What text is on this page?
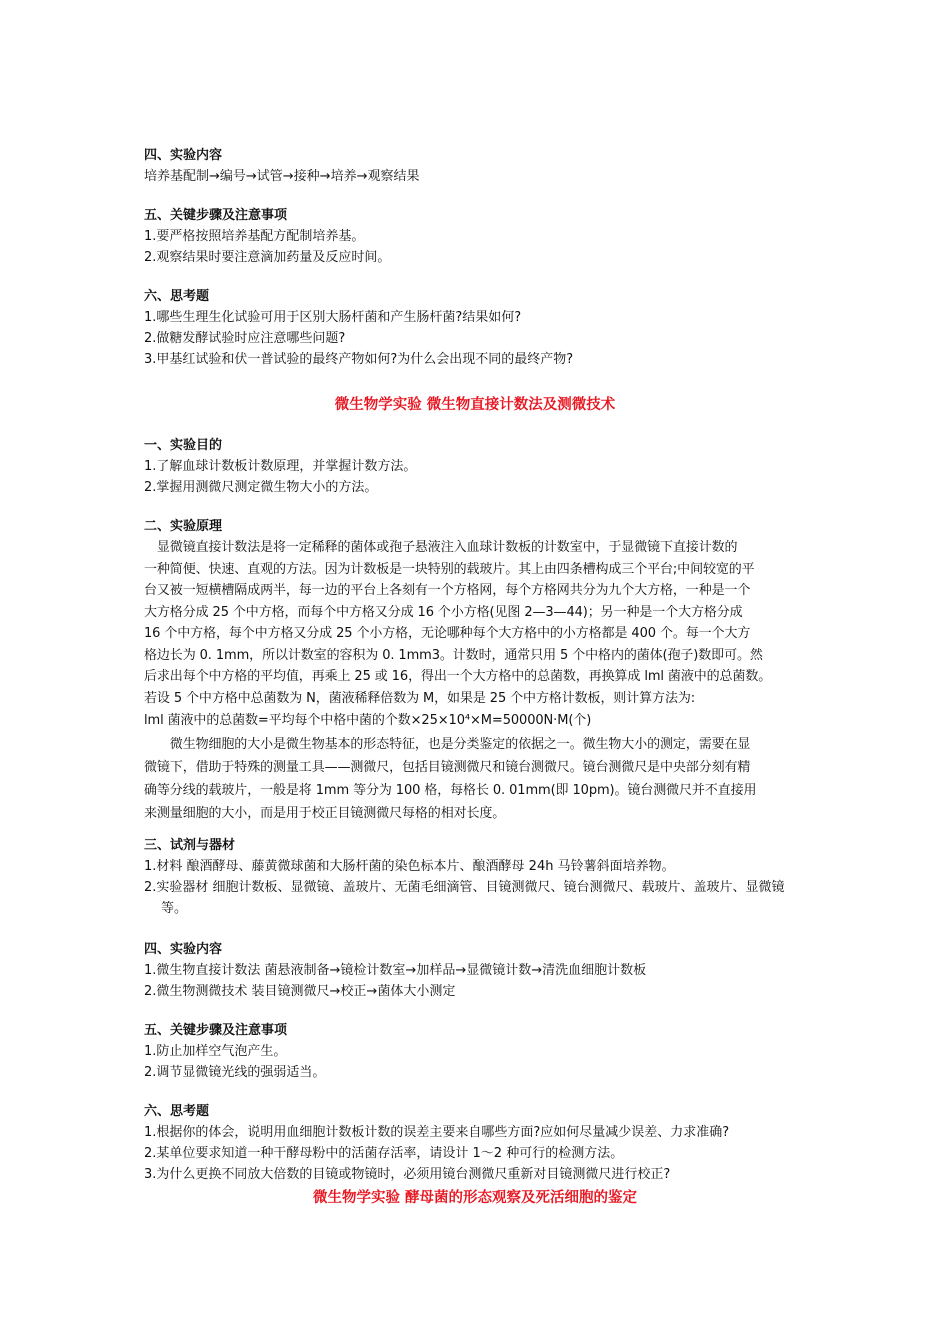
四、实验内容

培养基配制→编号→试管→接种→培养→观察结果

五、关键步骤及注意事项

1.要严格按照培养基配方配制培养基。

2.观察结果时要注意滴加药量及反应时间。

六、思考题

1.哪些生理生化试验可用于区别大肠杆菌和产生肠杆菌?结果如何?

2.做糖发酵试验时应注意哪些问题?

3.甲基红试验和伏一普试验的最终产物如何?为什么会出现不同的最终产物?

微生物学实验 微生物直接计数法及测微技术

一、实验目的

1.了解血球计数板计数原理，并掌握计数方法。

2.掌握用测微尺测定微生物大小的方法。

二、实验原理

　显微镜直接计数法是将一定稀释的菌体或孢子悬液注入血球计数板的计数室中，于显微镜下直接计数的

一种简便、快速、直观的方法。因为计数板是一块特别的载玻片。其上由四条槽构成三个平台;中间较宽的平

台又被一短横槽隔成两半，每一边的平台上各刻有一个方格网，每个方格网共分为九个大方格，一种是一个

大方格分成 25 个中方格，而每个中方格又分成 16 个小方格(见图 2—3—44)；另一种是一个大方格分成

16 个中方格，每个中方格又分成 25 个小方格，无论哪种每个大方格中的小方格都是 400 个。每一个大方

格边长为 0. 1mm，所以计数室的容积为 0. 1mm3。计数时，通常只用 5 个中格内的菌体(孢子)数即可。然

后求出每个中方格的平均值，再乘上 25 或 16，得出一个大方格中的总菌数，再换算成 lml 菌液中的总菌数。

若设 5 个中方格中总菌数为 N，菌液稀释倍数为 M，如果是 25 个中方格计数板，则计算方法为:

lml 菌液中的总菌数=平均每个中格中菌的个数×25×10⁴×M=50000N·M(个)

　　微生物细胞的大小是微生物基本的形态特征，也是分类鉴定的依据之一。微生物大小的测定，需要在显

微镜下，借助于特殊的测量工具——测微尺，包括目镜测微尺和镜台测微尺。镜台测微尺是中央部分刻有精

确等分线的载玻片，一般是将 1mm 等分为 100 格，每格长 0. 01mm(即 10pm)。镜台测微尺并不直接用

来测量细胞的大小，而是用于校正目镜测微尺每格的相对长度。

三、试剂与器材

1.材料 酿酒酵母、藤黄微球菌和大肠杆菌的染色标本片、酿酒酵母 24h 马铃薯斜面培养物。

2.实验器材 细胞计数板、显微镜、盖玻片、无菌毛细滴管、目镜测微尺、镜台测微尺、载玻片、盖玻片、显微镜

等。

四、实验内容

1.微生物直接计数法 菌悬液制备→镜检计数室→加样品→显微镜计数→清洗血细胞计数板

2.微生物测微技术 装目镜测微尺→校正→菌体大小测定

五、关键步骤及注意事项

1.防止加样空气泡产生。

2.调节显微镜光线的强弱适当。

六、思考题

1.根据你的体会，说明用血细胞计数板计数的误差主要来自哪些方面?应如何尽量减少误差、力求准确?

2.某单位要求知道一种干酵母粉中的活菌存活率，请设计 1～2 种可行的检测方法。

3.为什么更换不同放大倍数的目镜或物镜时，必须用镜台测微尺重新对目镜测微尺进行校正?

微生物学实验 酵母菌的形态观察及死活细胞的鉴定
